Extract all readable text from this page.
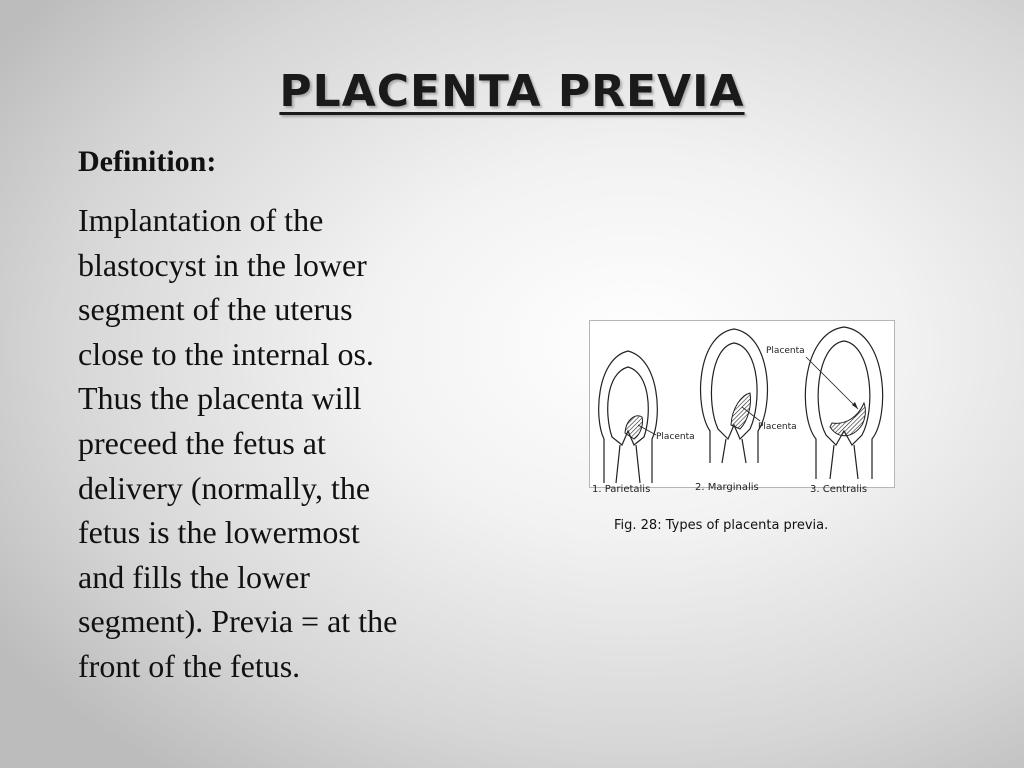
PLACENTA PREVIA
Definition:
Implantation of the
blastocyst in the lower
segment of the uterus
close to the internal os.
Thus the placenta will
preceed the fetus at
delivery (normally, the
fetus is the lowermost
and fills the lower
segment). Previa = at the
front of the fetus.
Placenta
Placenta
Placenta
1. Parietalis	2. Marginalis	3. Centralis
Fig. 28: Types of placenta previa.
